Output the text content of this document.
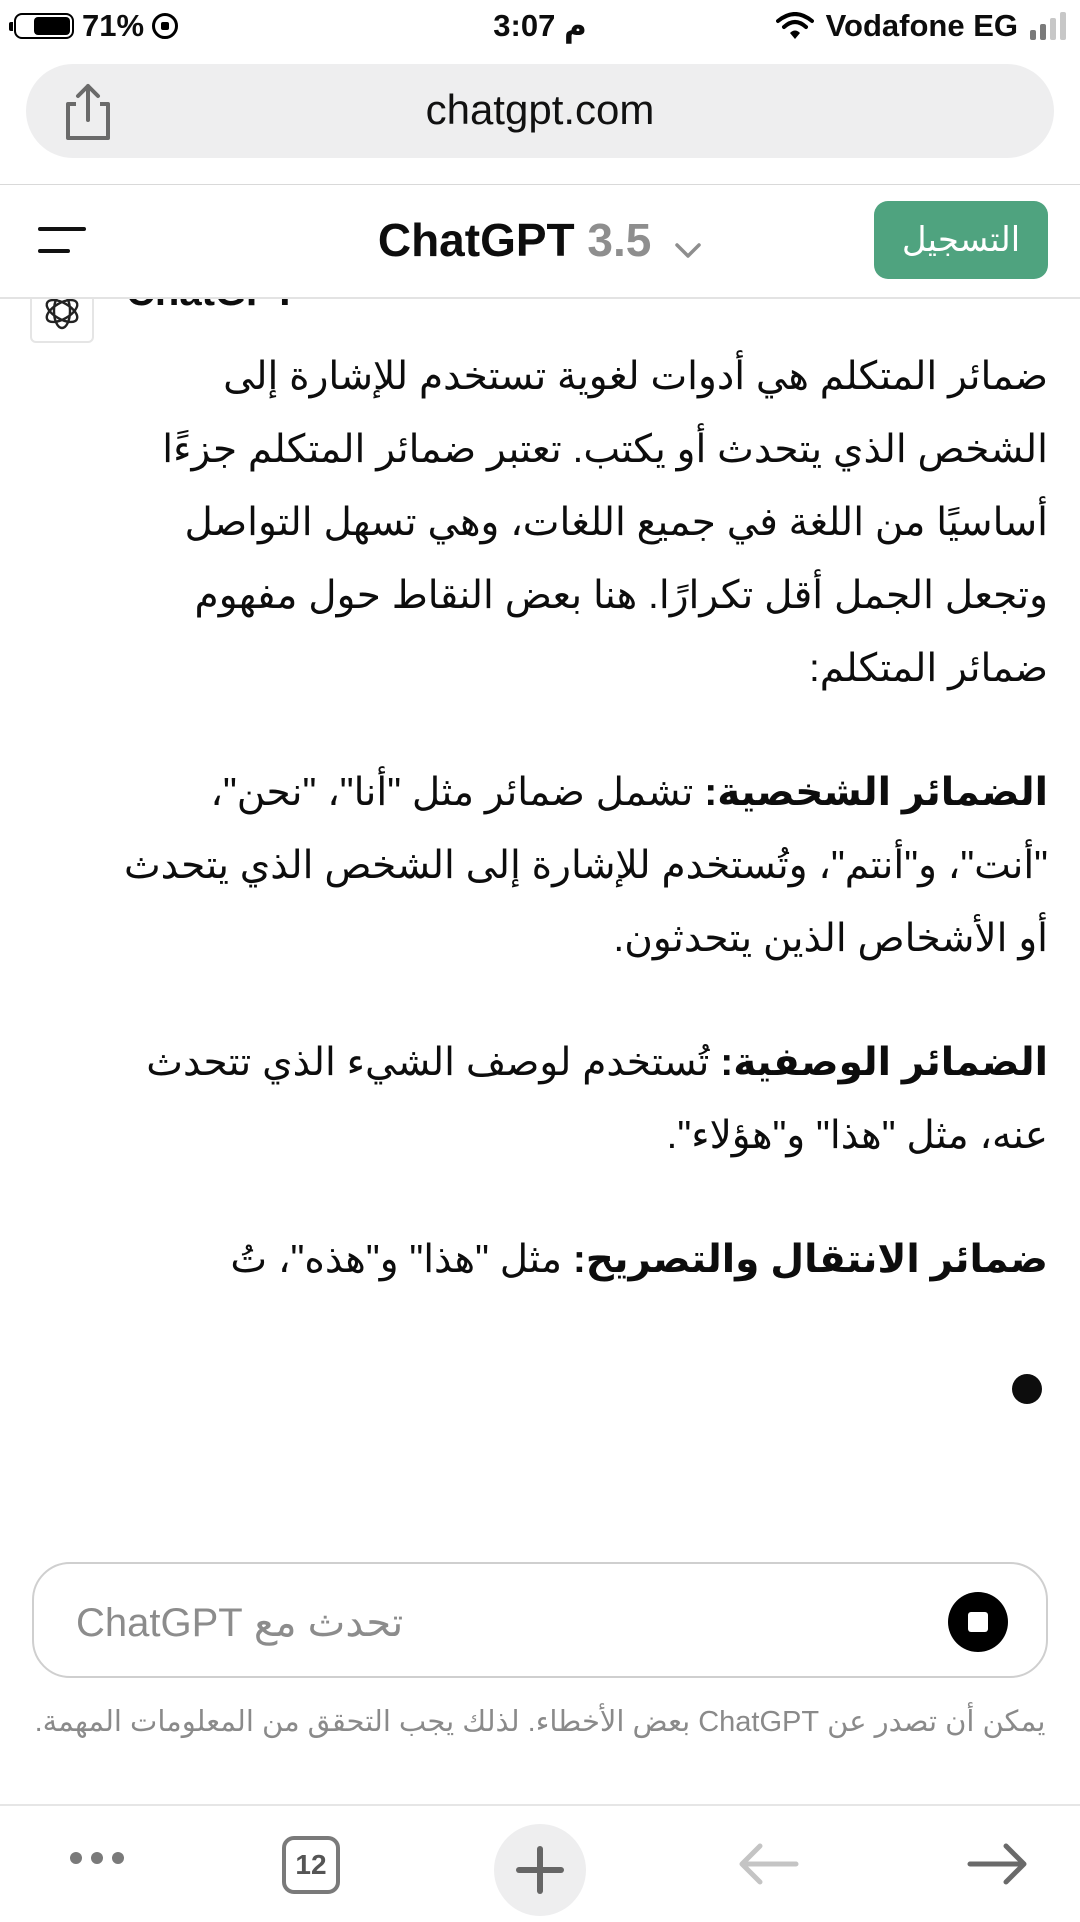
71%	3:07 م	Vodafone EG
chatgpt.com
ChatGPT 3.5	التسجيل

ضمائر المتكلم هي أدوات لغوية تستخدم للإشارة إلى الشخص الذي يتحدث أو يكتب. تعتبر ضمائر المتكلم جزءًا أساسيًا من اللغة في جميع اللغات، وهي تسهل التواصل وتجعل الجمل أقل تكرارًا. هنا بعض النقاط حول مفهوم ضمائر المتكلم:

الضمائر الشخصية: تشمل ضمائر مثل "أنا"، "نحن"، "أنت"، و"أنتم"، وتُستخدم للإشارة إلى الشخص الذي يتحدث أو الأشخاص الذين يتحدثون.

الضمائر الوصفية: تُستخدم لوصف الشيء الذي تتحدث عنه، مثل "هذا" و"هؤلاء".

ضمائر الانتقال والتصريح: مثل "هذا" و"هذه"، تُ

تحدث مع ChatGPT
يمكن أن تصدر عن ChatGPT بعض الأخطاء. لذلك يجب التحقق من المعلومات المهمة.
12
